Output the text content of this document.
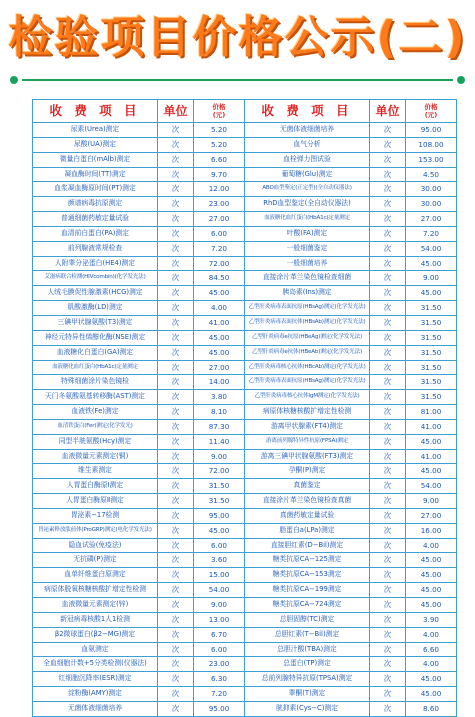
检验项目价格公示(二)
收 费 项 目	单位	价格
(元)
尿素(Urea)测定	次	5.20
尿酸(UA)测定	次	5.20
微量白蛋白(mAlb)测定	次	6.60
凝血酶时间(TT)测定	次	9.70
血浆凝血酶原时间(PT)测定	次	12.00
颜谱病毒抗原测定	次	23.00
普通细菌药敏定量试验	次	27.00
血清前白蛋白(PA)测定	次	6.00
前列腺液常规检查	次	7.20
人附睾分泌蛋白(HE4)测定	次	72.00
艾滋病联合检测(HIVcombin)(化学发光法)	次	84.50
人绒毛膜促性腺激素(HCG)测定	次	45.00
肌酸激酶(LD)测定	次	4.00
三碘甲状腺氨酸(T3)测定	次	41.00
神经元特异性烯醇化酶(NSE)测定	次	45.00
血液糖化白蛋白(GA)测定	次	45.00
血液糖化血红蛋白(HbA1c)定量测定	次	27.00
特殊细菌涂片染色镜检	次	14.00
天门冬氨酸氨基转移酶(AST)测定	次	3.80
血液铁(Fe)测定	次	8.10
血清铁蛋白(Fer)测定(化学发光)	次	87.30
同型半胱氨酸(Hcy)测定	次	11.40
血液微量元素测定(铜)	次	9.00
维生素测定	次	72.00
人胃蛋白酶原Ⅰ测定	次	31.50
人胃蛋白酶原Ⅱ测定	次	31.50
胃泌素−17检测	次	95.00
胃泌素释放肽前体(ProGRP)测定(电化学发光法)	次	45.00
隐血试验(免疫法)	次	6.00
无抗磷(P)测定	次	3.60
血单纤维蛋白原测定	次	15.00
病原体脱氧核糖核酸扩增定性检测	次	54.00
血液微量元素测定(锌)	次	9.00
新冠病毒核酸1人1检测	次	13.00
β2微球蛋白(β2−MG)测定	次	6.70
血氨测定	次	6.00
全血细胞计数+5分类检测(仪器法)	次	23.00
红细胞沉降率(ESR)测定	次	6.30
淀粉酶(AMY)测定	次	7.20
无菌体液细菌培养	次	95.00
收 费 项 目	单位	价格
(元)
无菌体液细菌培养	次	95.00
血气分析	次	108.00
血栓弹力图试验	次	153.00
葡萄糖(Glu)测定	次	4.50
ABO血型鉴定(正定型)(全自动仪器法)	次	30.00
RhD血型鉴定(全自动仪器法)	次	30.00
血液糖化血红蛋白(HbA1c)定量测定	次	27.00
叶酸(FA)测定	次	7.20
一般细菌鉴定	次	54.00
一般细菌培养	次	45.00
直接涂片革兰染色镜检查细菌	次	9.00
胰岛素(Ins)测定	次	45.00
乙型肝炎病毒表面抗原(HBsAg)测定(化学发光法)	次	31.50
乙型肝炎病毒表面抗体(HBsAb)测定(化学发光法)	次	31.50
乙型肝炎病毒e抗原(HBeAg)测定(化学发光法)	次	31.50
乙型肝炎病毒e抗体(HBeAb)测定(化学发光法)	次	31.50
乙型肝炎病毒核心抗体(HBcAb)测定(化学发光法)	次	31.50
乙型肝炎病毒表面抗原(HBsAg)测定(化学发光法)	次	31.50
乙型肝炎病毒核心抗体IgM测定(化学发光法)	次	31.50
病原体核糖核酸扩增定性检测	次	81.00
游离甲状腺素(FT4)测定	次	41.00
游离前列腺特异性抗原(FPSA)测定	次	45.00
游离三碘甲状腺氨酸(FT3)测定	次	41.00
孕酮(P)测定	次	45.00
真菌鉴定	次	54.00
直接涂片革兰染色镜检查真菌	次	9.00
真菌药敏定量试验	次	27.00
脂蛋白a(LPa)测定	次	16.00
直接胆红素(D−Bil)测定	次	4.00
糖类抗原CA−125测定	次	45.00
糖类抗原CA−153测定	次	45.00
糖类抗原CA−199测定	次	45.00
糖类抗原CA−724测定	次	45.00
总胆固醇(TC)测定	次	3.90
总胆红素(T−Bil)测定	次	4.00
总胆汁酸(TBA)测定	次	6.60
总蛋白(TP)测定	次	4.00
总前列腺特异抗原(TPSA)测定	次	45.00
睾酮(T)测定	次	45.00
胱抑素(Cys−C)测定	次	8.60
